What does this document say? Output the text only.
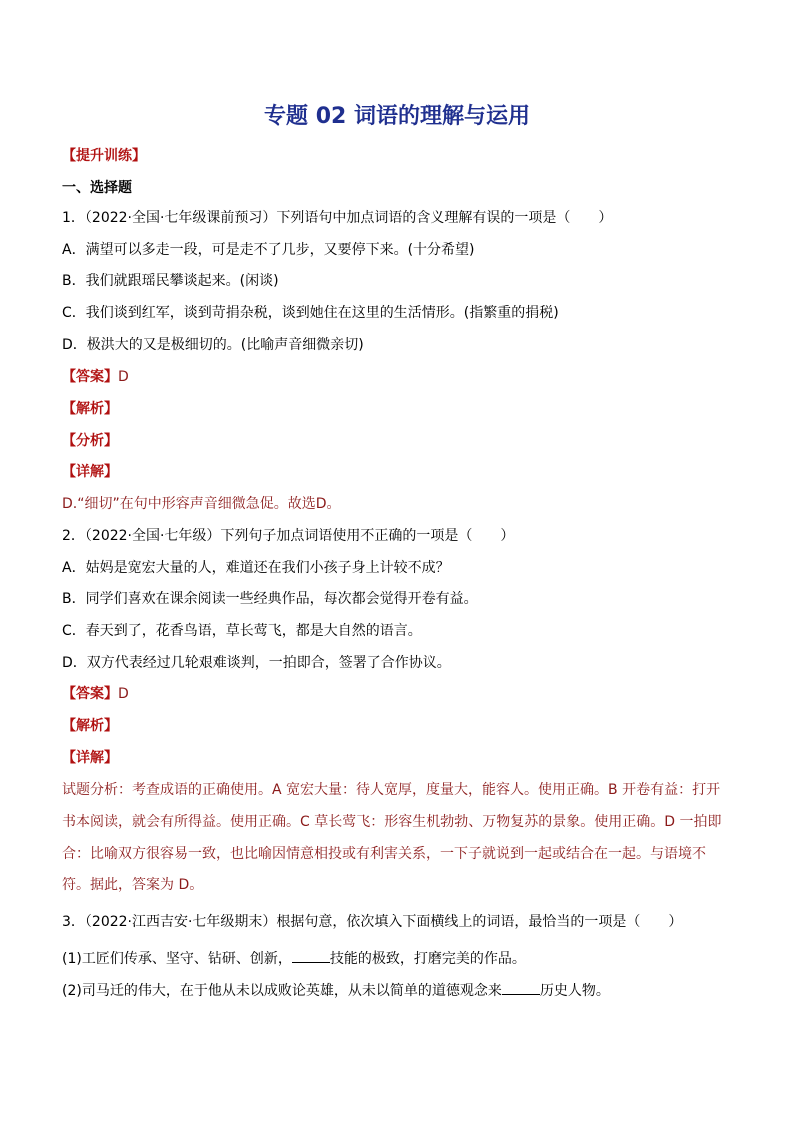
专题 02 词语的理解与运用
【提升训练】
一、选择题
1．（2022·全国·七年级课前预习）下列语句中加点词语的含义理解有误的一项是（　　）
A．满望可以多走一段，可是走不了几步，又要停下来。(十分希望)
B．我们就跟瑶民攀谈起来。(闲谈)
C．我们谈到红军，谈到苛捐杂税，谈到她住在这里的生活情形。(指繁重的捐税)
D．极洪大的又是极细切的。(比喻声音细微亲切)
【答案】D
【解析】
【分析】
【详解】
D.“细切”在句中形容声音细微急促。故选D。
2．（2022·全国·七年级）下列句子加点词语使用不正确的一项是（　　）
A．姑妈是宽宏大量的人，难道还在我们小孩子身上计较不成？
B．同学们喜欢在课余阅读一些经典作品，每次都会觉得开卷有益。
C．春天到了，花香鸟语，草长莺飞，都是大自然的语言。
D．双方代表经过几轮艰难谈判，一拍即合，签署了合作协议。
【答案】D
【解析】
【详解】
试题分析：考查成语的正确使用。A 宽宏大量：待人宽厚，度量大，能容人。使用正确。B 开卷有益：打开
书本阅读，就会有所得益。使用正确。C 草长莺飞：形容生机勃勃、万物复苏的景象。使用正确。D 一拍即
合：比喻双方很容易一致，也比喻因情意相投或有利害关系，一下子就说到一起或结合在一起。与语境不
符。据此，答案为 D。
3．（2022·江西吉安·七年级期末）根据句意，依次填入下面横线上的词语，最恰当的一项是（　　）
(1)工匠们传承、坚守、钻研、创新，	技能的极致，打磨完美的作品。
(2)司马迁的伟大，在于他从未以成败论英雄，从未以简单的道德观念来	历史人物。
